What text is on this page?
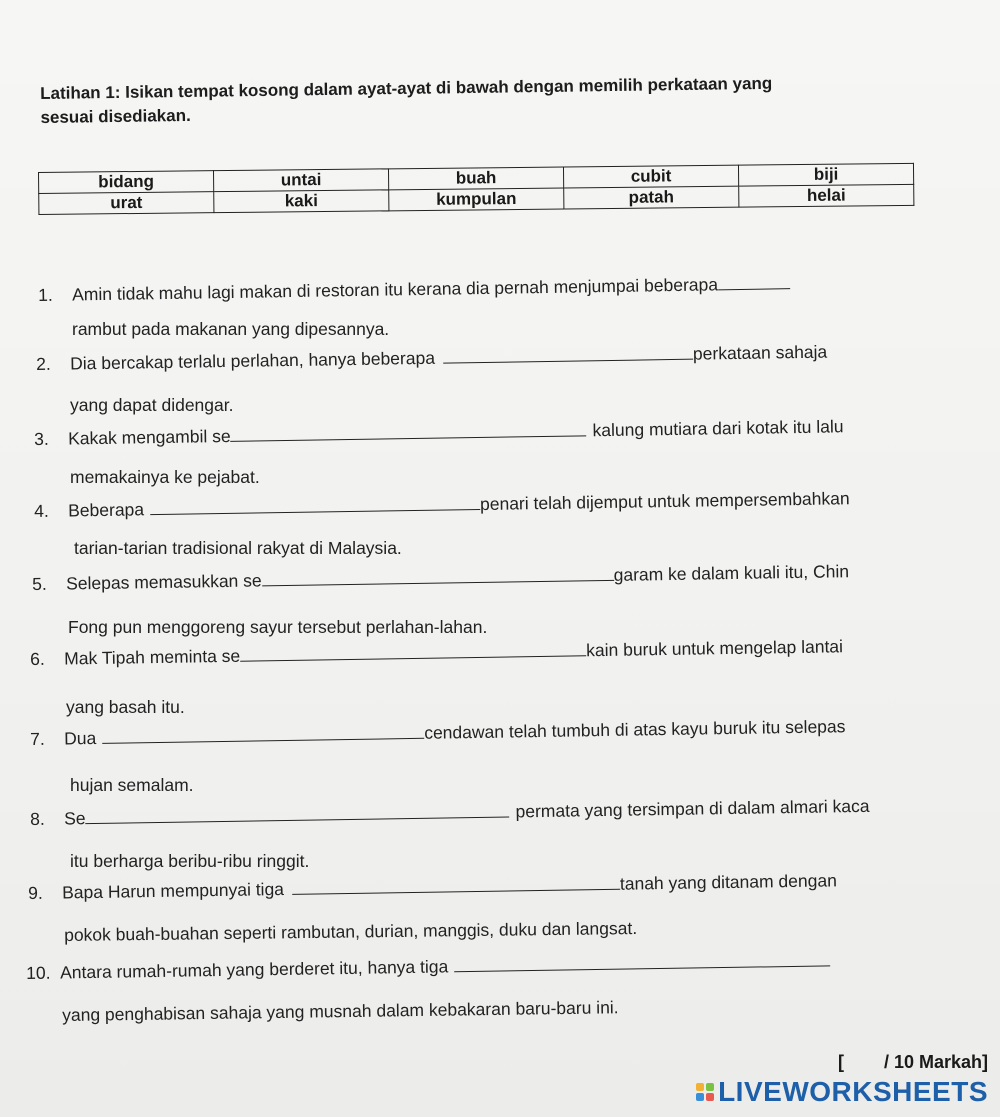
Latihan 1: Isikan tempat kosong dalam ayat-ayat di bawah dengan memilih perkataan yang
sesuai disediakan.
bidang	untai	buah	cubit	biji
urat	kaki	kumpulan	patah	helai
1. Amin tidak mahu lagi makan di restoran itu kerana dia pernah menjumpai beberapa
rambut pada makanan yang dipesannya.
2. Dia bercakap terlalu perlahan, hanya beberapa	perkataan sahaja
yang dapat didengar.
3. Kakak mengambil se	kalung mutiara dari kotak itu lalu
memakainya ke pejabat.
4. Beberapa	penari telah dijemput untuk mempersembahkan
tarian-tarian tradisional rakyat di Malaysia.
5. Selepas memasukkan se	garam ke dalam kuali itu, Chin
Fong pun menggoreng sayur tersebut perlahan-lahan.
6. Mak Tipah meminta se	kain buruk untuk mengelap lantai
yang basah itu.
7. Dua	cendawan telah tumbuh di atas kayu buruk itu selepas
hujan semalam.
8. Se	permata yang tersimpan di dalam almari kaca
itu berharga beribu-ribu ringgit.
9. Bapa Harun mempunyai tiga	tanah yang ditanam dengan
pokok buah-buahan seperti rambutan, durian, manggis, duku dan langsat.
10. Antara rumah-rumah yang berderet itu, hanya tiga
yang penghabisan sahaja yang musnah dalam kebakaran baru-baru ini.
[ / 10 Markah]
LIVEWORKSHEETS
